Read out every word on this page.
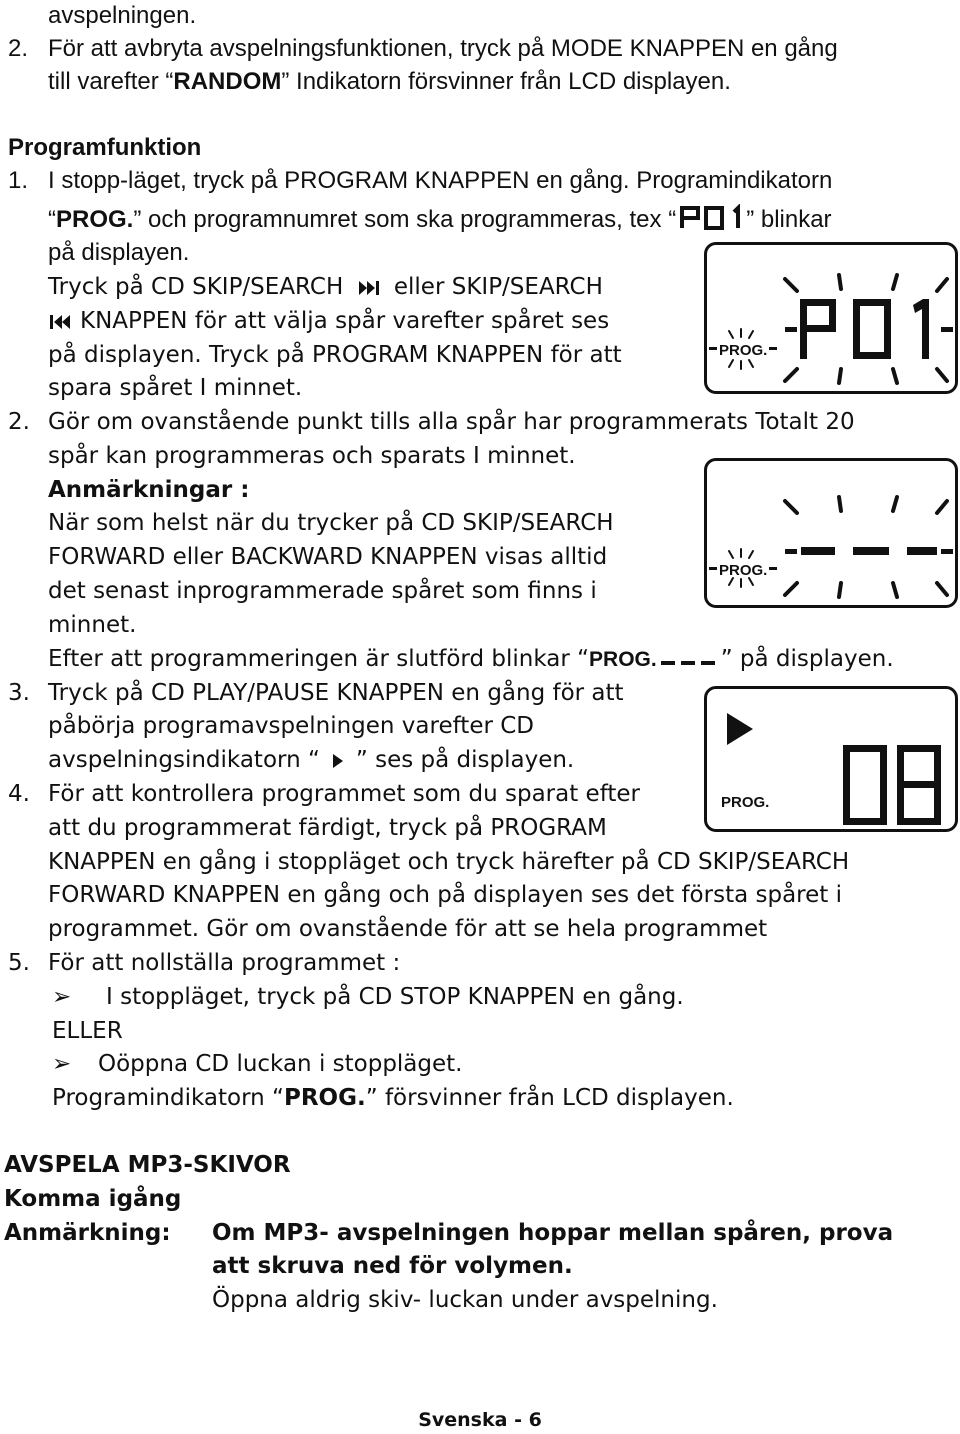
avspelningen.
2. För att avbryta avspelningsfunktionen, tryck på MODE KNAPPEN en gång
till varefter “RANDOM” Indikatorn försvinner från LCD displayen.
Programfunktion
1. I stopp-läget, tryck på PROGRAM KNAPPEN en gång. Programindikatorn
“PROG.” och programnumret som ska programmeras, tex “	” blinkar
på displayen.
Tryck på CD SKIP/SEARCH eller SKIP/SEARCH
KNAPPEN för att välja spår varefter spåret ses
på displayen. Tryck på PROGRAM KNAPPEN för att
spara spåret I minnet.
2. Gör om ovanstående punkt tills alla spår har programmerats Totalt 20
spår kan programmeras och sparats I minnet.
Anmärkningar :
När som helst när du trycker på CD SKIP/SEARCH
FORWARD eller BACKWARD KNAPPEN visas alltid
det senast inprogrammerade spåret som finns i
minnet.
Efter att programmeringen är slutförd blinkar “PROG.	” på displayen.
3. Tryck på CD PLAY/PAUSE KNAPPEN en gång för att
påbörja programavspelningen varefter CD
avspelningsindikatorn “ ” ses på displayen.
4. För att kontrollera programmet som du sparat efter
att du programmerat färdigt, tryck på PROGRAM
KNAPPEN en gång i stoppläget och tryck härefter på CD SKIP/SEARCH
FORWARD KNAPPEN en gång och på displayen ses det första spåret i
programmet. Gör om ovanstående för att se hela programmet
5. För att nollställa programmet :
➢ I stoppläget, tryck på CD STOP KNAPPEN en gång.
ELLER
➢ Oöppna CD luckan i stoppläget.
Programindikatorn “PROG.” försvinner från LCD displayen.
AVSPELA MP3-SKIVOR
Komma igång
Anmärkning: Om MP3- avspelningen hoppar mellan spåren, prova
att skruva ned för volymen.
Öppna aldrig skiv- luckan under avspelning.
PROG.
PROG.
PROG.
Svenska - 6
